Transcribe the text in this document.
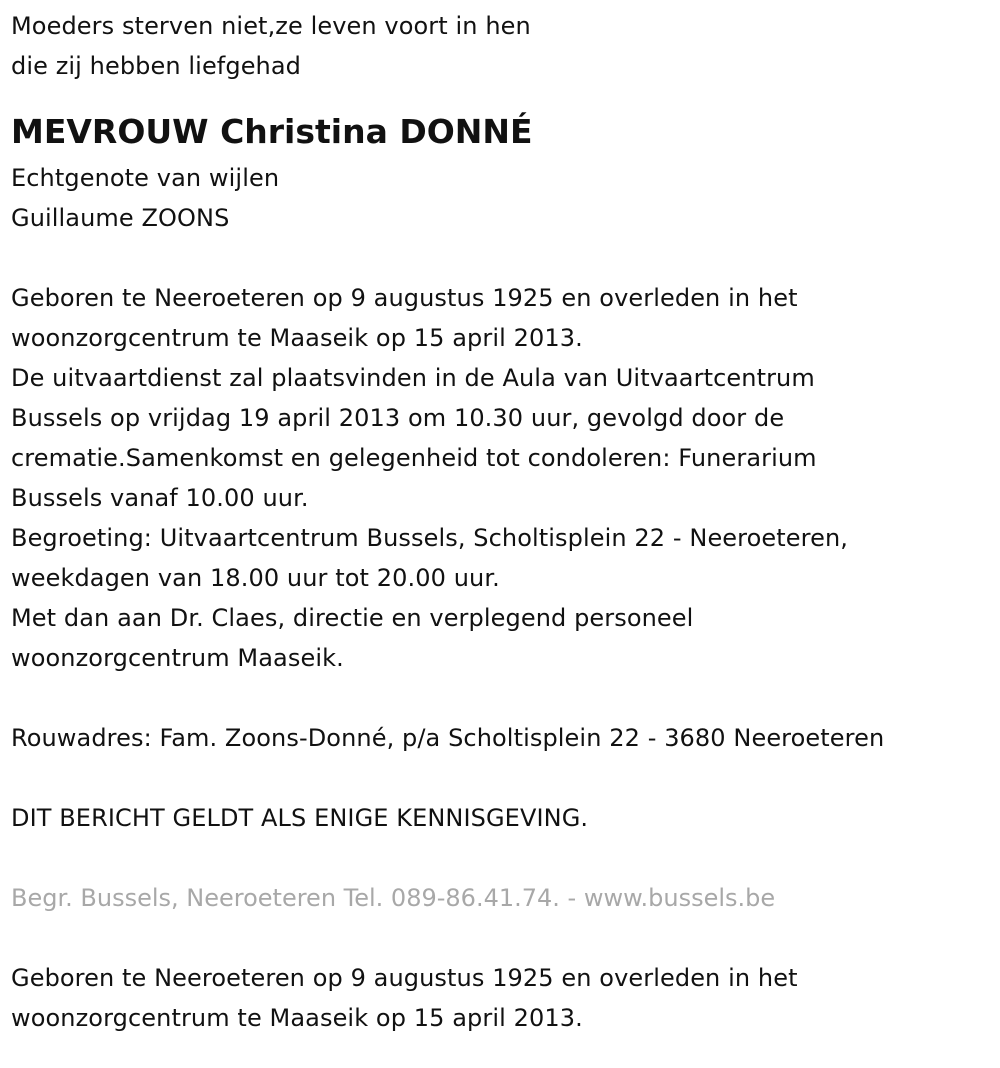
Moeders sterven niet,ze leven voort in hen
die zij hebben liefgehad
MEVROUW Christina DONNÉ
Echtgenote van wijlen
Guillaume ZOONS
Geboren te Neeroeteren op 9 augustus 1925 en overleden in het
woonzorgcentrum te Maaseik op 15 april 2013.
De uitvaartdienst zal plaatsvinden in de Aula van Uitvaartcentrum
Bussels op vrijdag 19 april 2013 om 10.30 uur, gevolgd door de
crematie.Samenkomst en gelegenheid tot condoleren: Funerarium
Bussels vanaf 10.00 uur.
Begroeting: Uitvaartcentrum Bussels, Scholtisplein 22 - Neeroeteren,
weekdagen van 18.00 uur tot 20.00 uur.
Met dan aan Dr. Claes, directie en verplegend personeel
woonzorgcentrum Maaseik.
Rouwadres: Fam. Zoons-Donné, p/a Scholtisplein 22 - 3680 Neeroeteren
DIT BERICHT GELDT ALS ENIGE KENNISGEVING.
Begr. Bussels, Neeroeteren Tel. 089-86.41.74. - www.bussels.be
Geboren te Neeroeteren op 9 augustus 1925 en overleden in het
woonzorgcentrum te Maaseik op 15 april 2013.
